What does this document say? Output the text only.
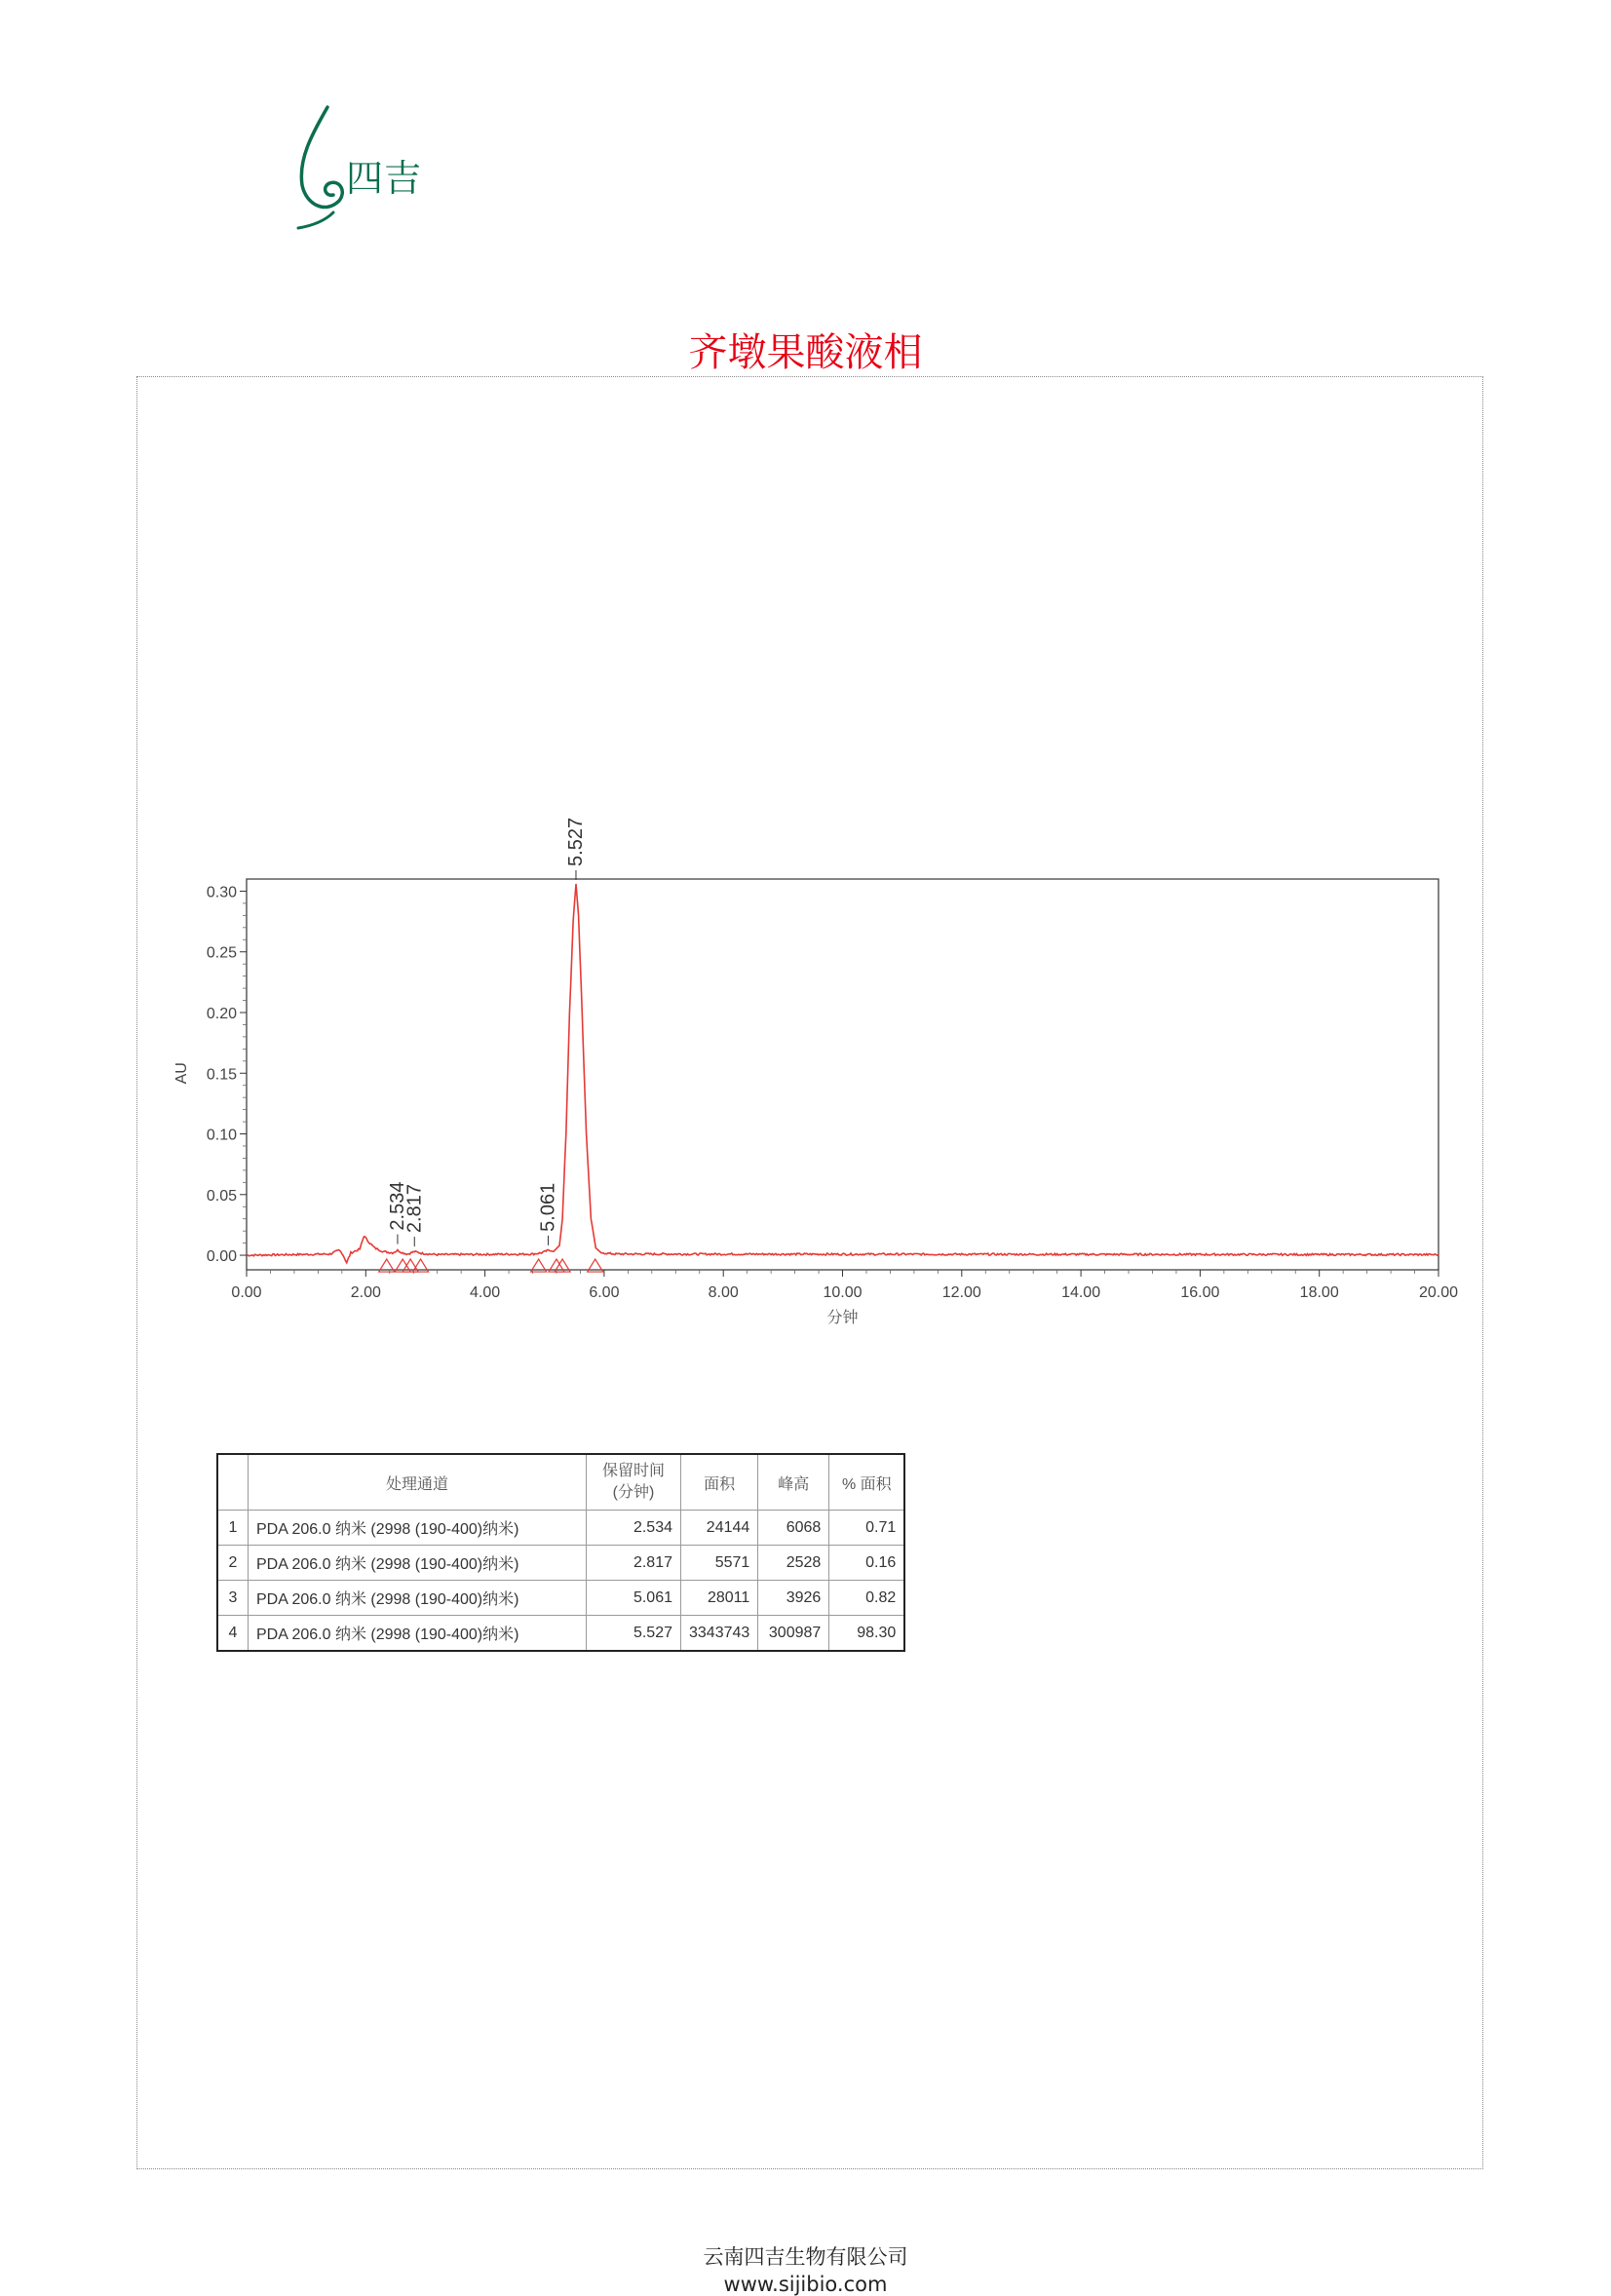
四吉
齐墩果酸液相
0.00	2.00	4.00	6.00	8.00	10.00	12.00	14.00	16.00	18.00	20.00
0.00
0.05
0.10
0.15
0.20
0.25
0.30
分钟
AU
2.534
2.817	5.061
5.527
	处理通道	保留时间
(分钟)	面积	峰高	% 面积
1	PDA 206.0 纳米 (2998 (190-400)纳米)	2.534	24144	6068	0.71
2	PDA 206.0 纳米 (2998 (190-400)纳米)	2.817	5571	2528	0.16
3	PDA 206.0 纳米 (2998 (190-400)纳米)	5.061	28011	3926	0.82
4	PDA 206.0 纳米 (2998 (190-400)纳米)	5.527	3343743	300987	98.30
云南四吉生物有限公司
www.sijibio.com
